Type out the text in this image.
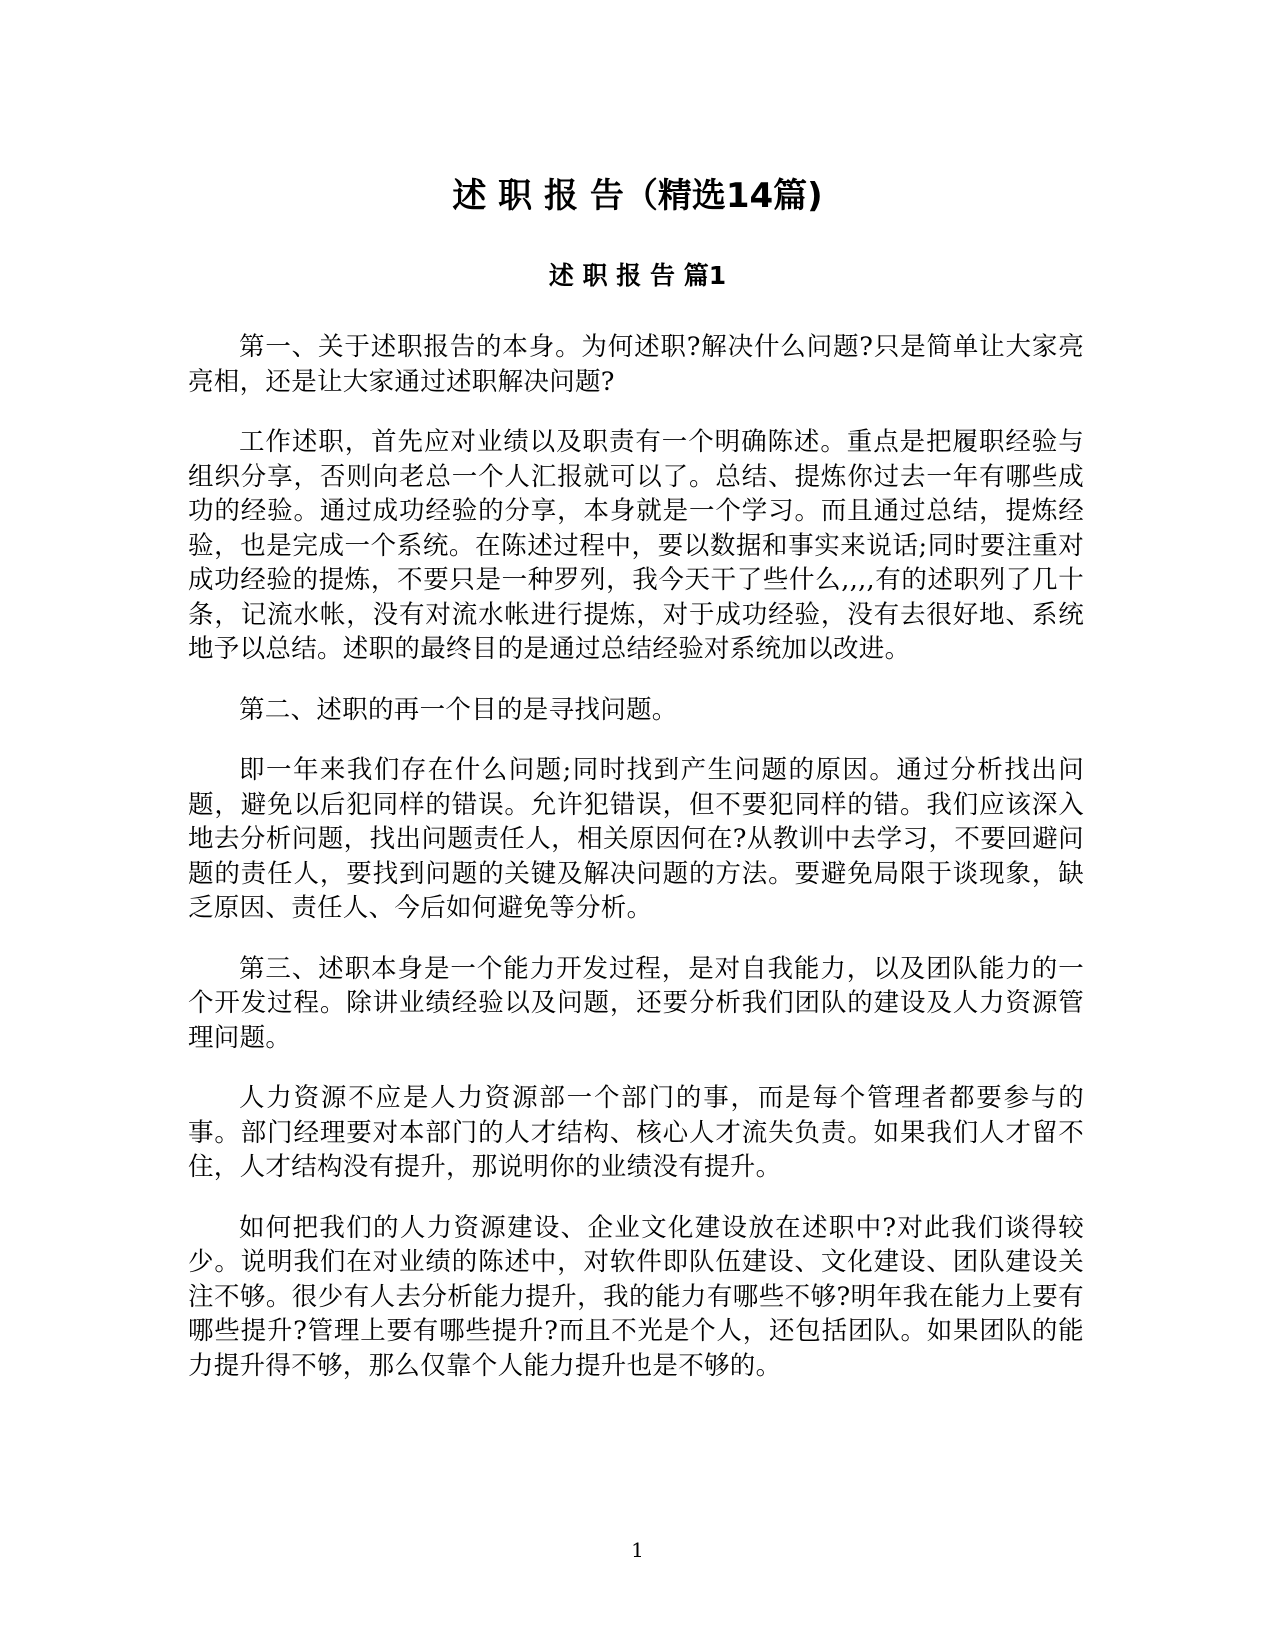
述 职 报 告（精选14篇)
述 职 报 告 篇1

第一、关于述职报告的本身。为何述职?解决什么问题?只是简单让大家亮亮相，还是让大家通过述职解决问题?

工作述职，首先应对业绩以及职责有一个明确陈述。重点是把履职经验与组织分享，否则向老总一个人汇报就可以了。总结、提炼你过去一年有哪些成功的经验。通过成功经验的分享，本身就是一个学习。而且通过总结，提炼经验，也是完成一个系统。在陈述过程中，要以数据和事实来说话;同时要注重对成功经验的提炼，不要只是一种罗列，我今天干了些什么,,,,有的述职列了几十条，记流水帐，没有对流水帐进行提炼，对于成功经验，没有去很好地、系统地予以总结。述职的最终目的是通过总结经验对系统加以改进。

第二、述职的再一个目的是寻找问题。

即一年来我们存在什么问题;同时找到产生问题的原因。通过分析找出问题，避免以后犯同样的错误。允许犯错误，但不要犯同样的错。我们应该深入地去分析问题，找出问题责任人，相关原因何在?从教训中去学习，不要回避问题的责任人，要找到问题的关键及解决问题的方法。要避免局限于谈现象，缺乏原因、责任人、今后如何避免等分析。

第三、述职本身是一个能力开发过程，是对自我能力，以及团队能力的一个开发过程。除讲业绩经验以及问题，还要分析我们团队的建设及人力资源管理问题。

人力资源不应是人力资源部一个部门的事，而是每个管理者都要参与的事。部门经理要对本部门的人才结构、核心人才流失负责。如果我们人才留不住，人才结构没有提升，那说明你的业绩没有提升。

如何把我们的人力资源建设、企业文化建设放在述职中?对此我们谈得较少。说明我们在对业绩的陈述中，对软件即队伍建设、文化建设、团队建设关注不够。很少有人去分析能力提升，我的能力有哪些不够?明年我在能力上要有哪些提升?管理上要有哪些提升?而且不光是个人，还包括团队。如果团队的能力提升得不够，那么仅靠个人能力提升也是不够的。

1
